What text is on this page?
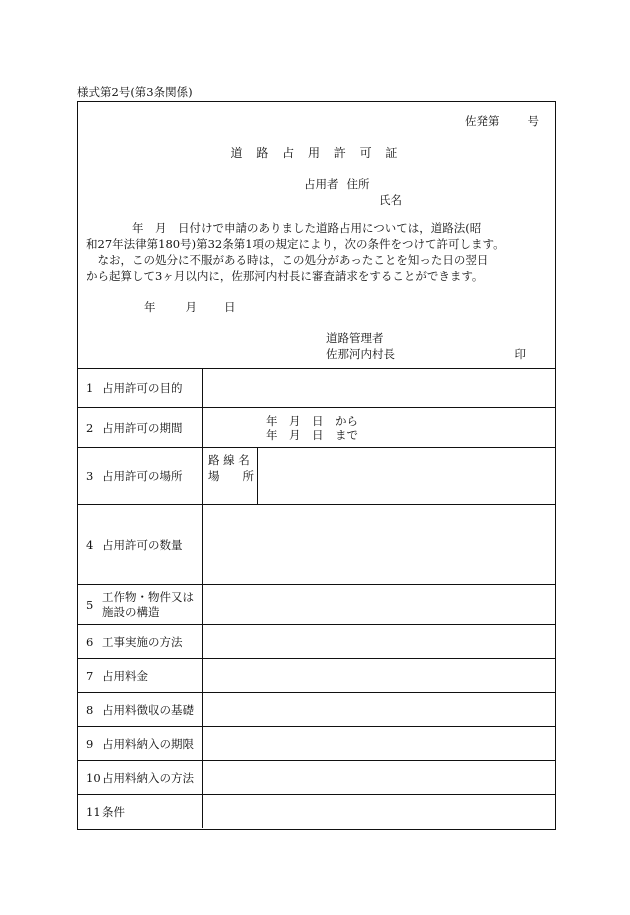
様式第2号(第3条関係)
佐発第 号
道 路 占 用 許 可 証
占用者 住所
氏名
　　　　年　月　日付けで申請のありました道路占用については，道路法(昭
和27年法律第180号)第32条第1項の規定により，次の条件をつけて許可します。
　なお，この処分に不服がある時は，この処分があったことを知った日の翌日
から起算して3ヶ月以内に，佐那河内村長に審査請求をすることができます。
年	月 日
道路管理者
佐那河内村長	印
1 占用許可の目的
2 占用許可の期間	年　月　日　から
年　月　日　まで
3 占用許可の場所
路 線 名
場　　所
4 占用許可の数量
5
工作物・物件又は
施設の構造
6 工事実施の方法
7 占用料金
8 占用料徴収の基礎
9 占用料納入の期限
10 占用料納入の方法
11 条件
